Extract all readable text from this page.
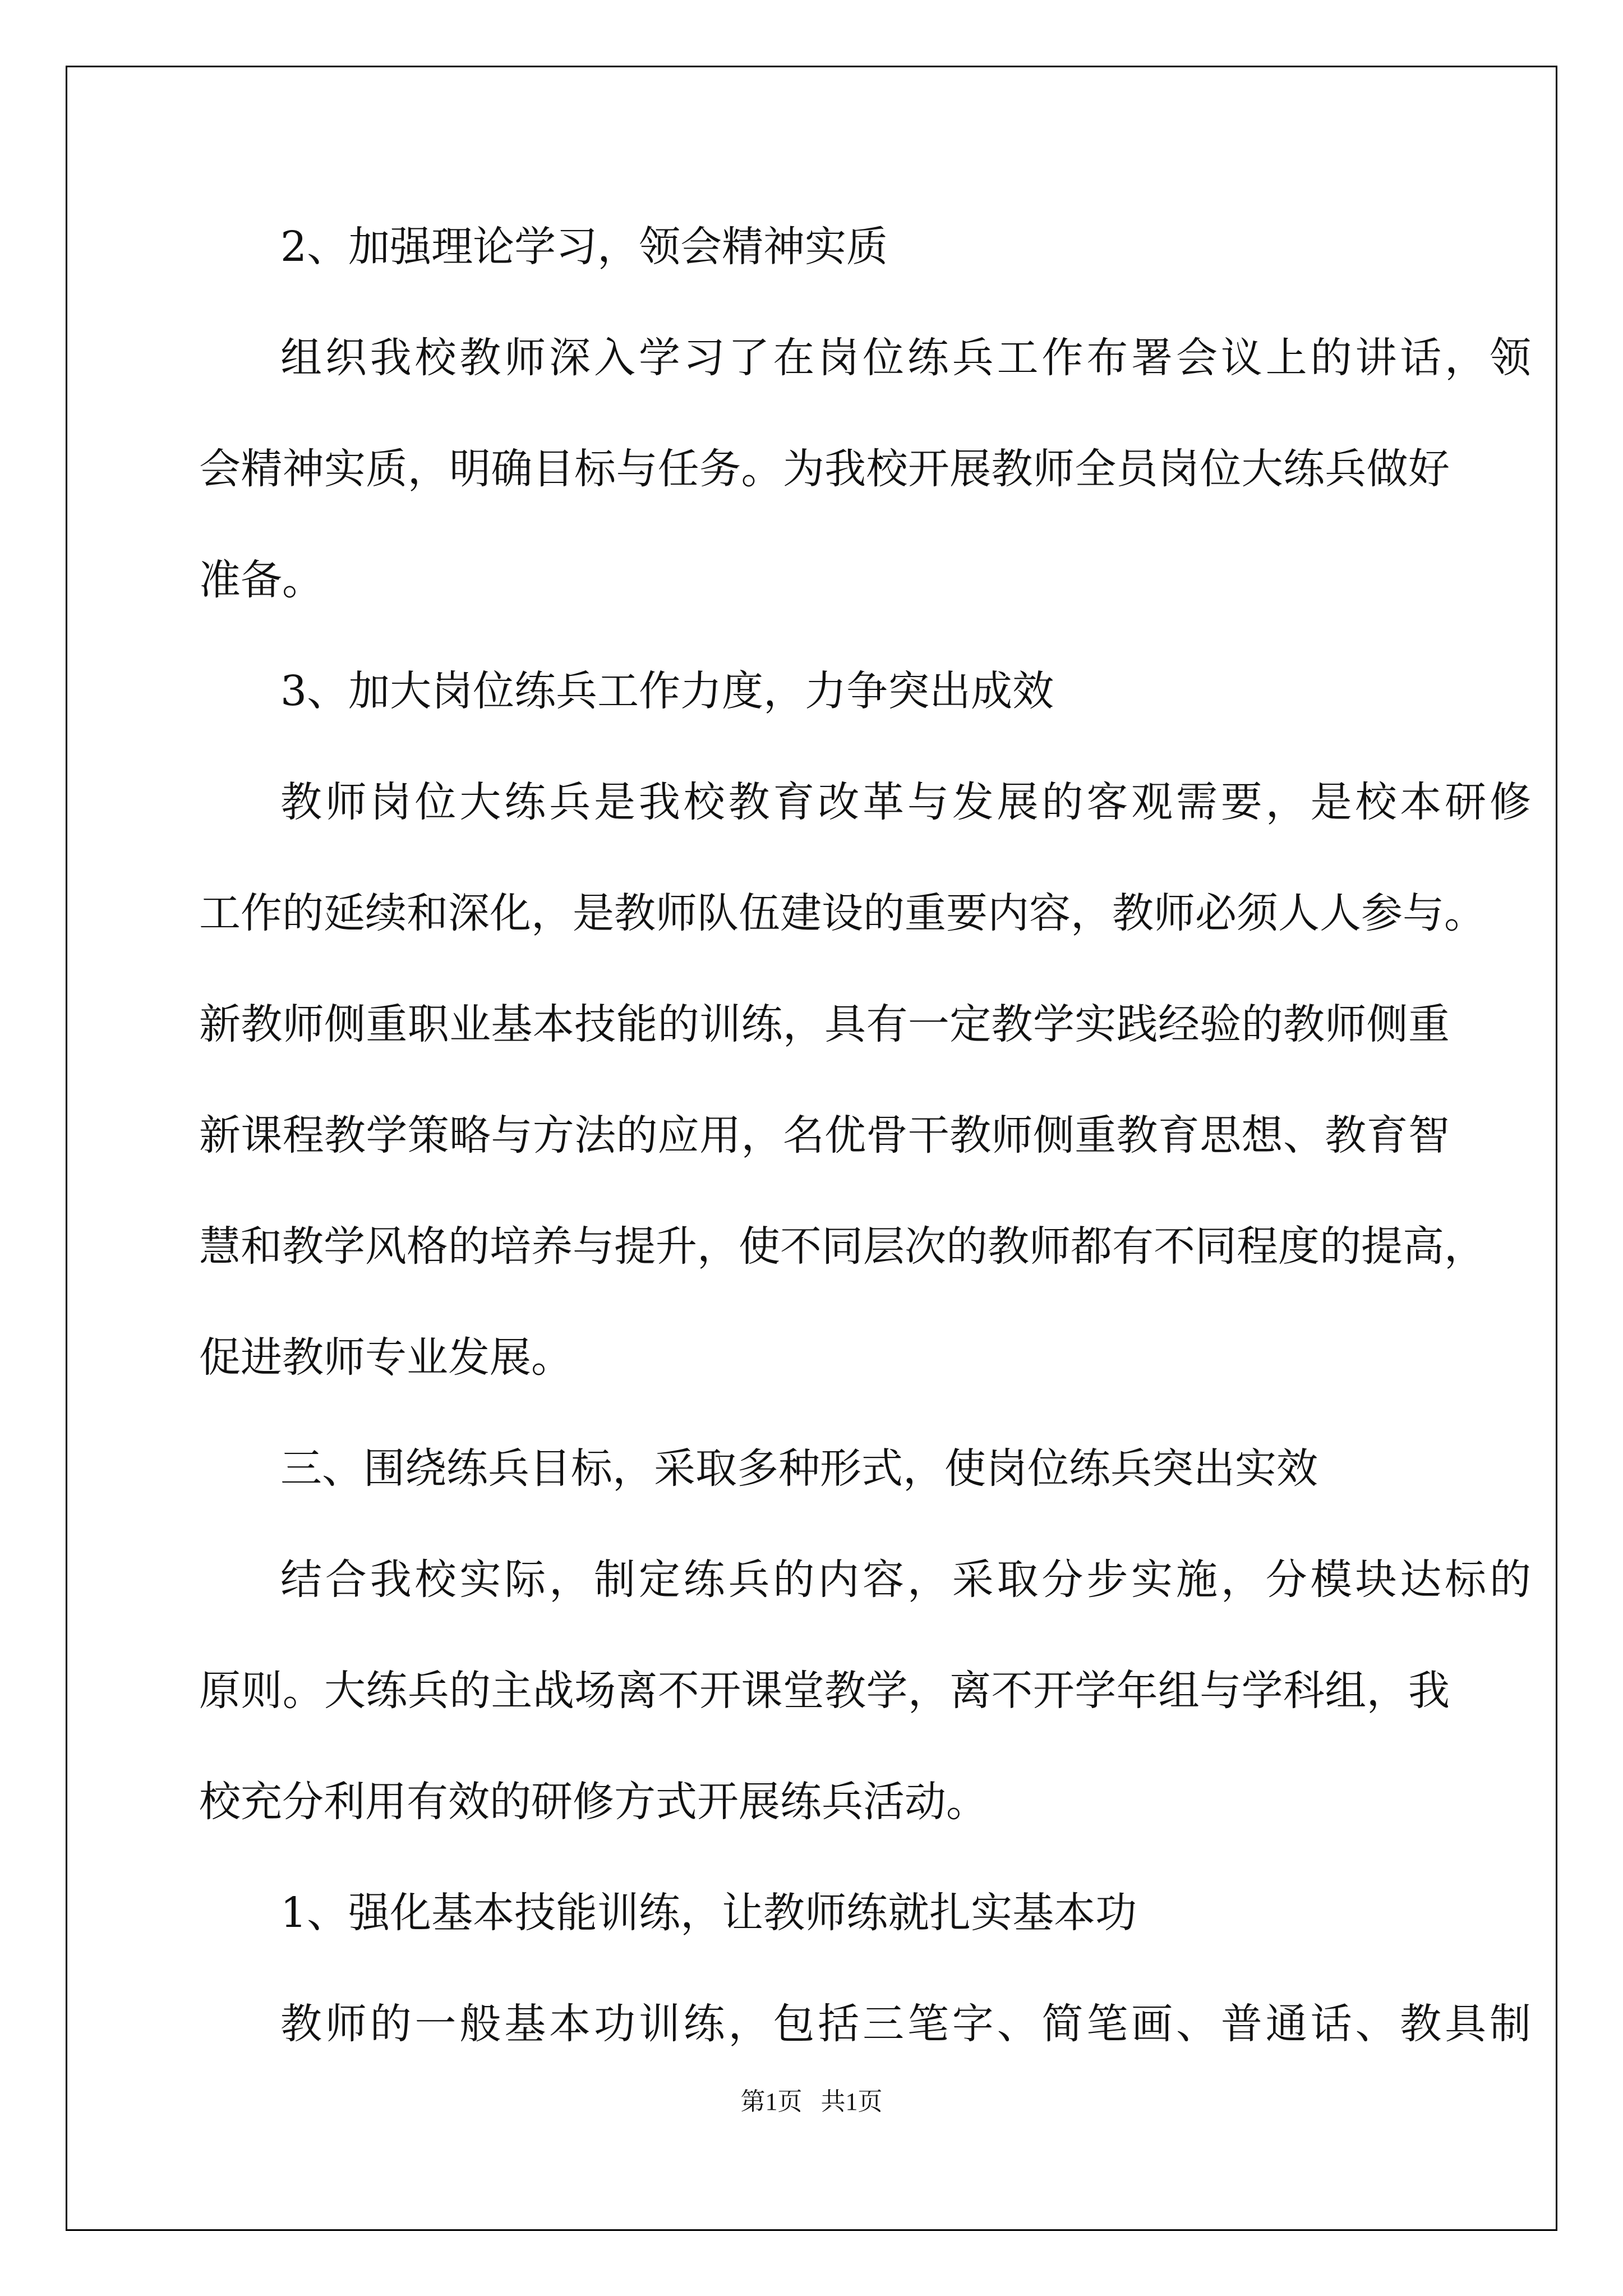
2、加强理论学习，领会精神实质

组织我校教师深入学习了在岗位练兵工作布署会议上的讲话，领

会精神实质，明确目标与任务。为我校开展教师全员岗位大练兵做好

准备。

3、加大岗位练兵工作力度，力争突出成效

教师岗位大练兵是我校教育改革与发展的客观需要，是校本研修

工作的延续和深化，是教师队伍建设的重要内容，教师必须人人参与。

新教师侧重职业基本技能的训练，具有一定教学实践经验的教师侧重

新课程教学策略与方法的应用，名优骨干教师侧重教育思想、教育智

慧和教学风格的培养与提升，使不同层次的教师都有不同程度的提高，

促进教师专业发展。

三、围绕练兵目标，采取多种形式，使岗位练兵突出实效

结合我校实际，制定练兵的内容，采取分步实施，分模块达标的

原则。大练兵的主战场离不开课堂教学，离不开学年组与学科组，我

校充分利用有效的研修方式开展练兵活动。

1、强化基本技能训练，让教师练就扎实基本功

教师的一般基本功训练，包括三笔字、简笔画、普通话、教具制

第1页   共1页
